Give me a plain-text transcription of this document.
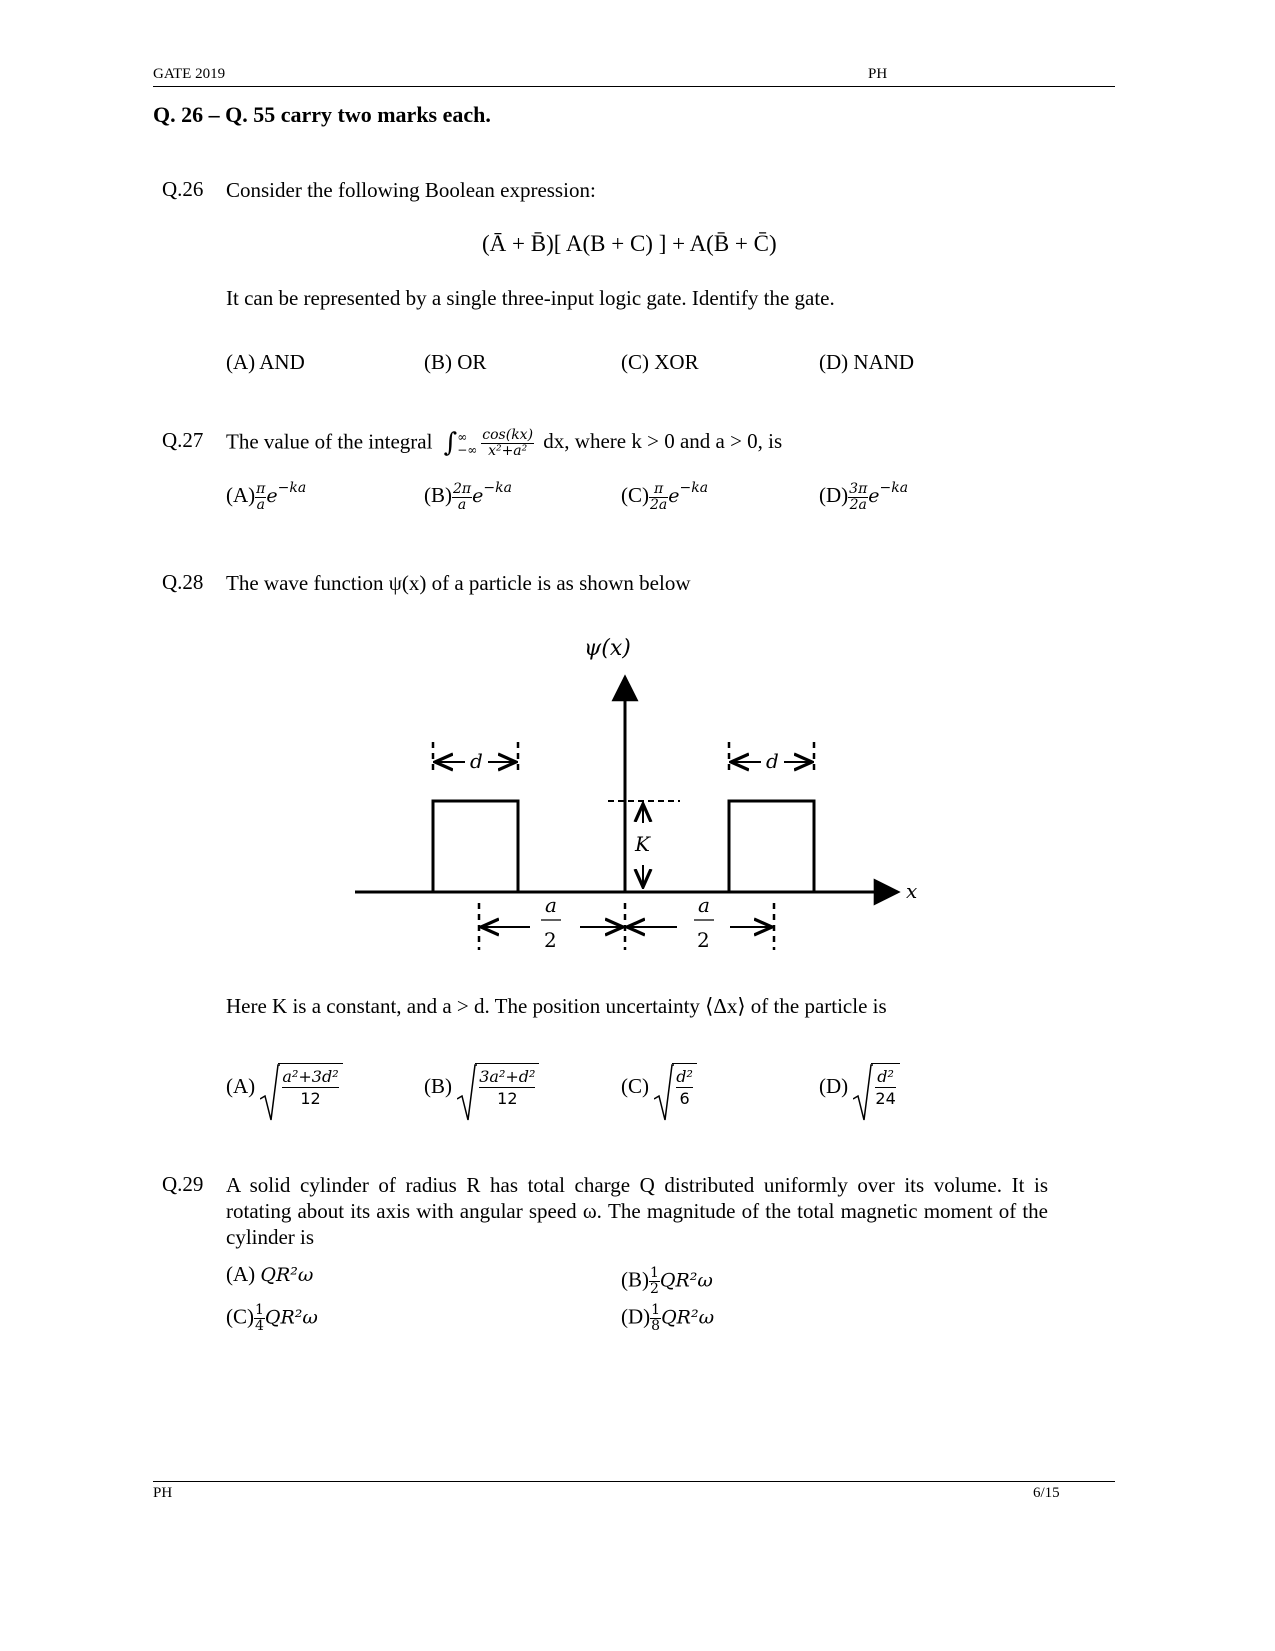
GATE 2019	PH
Q. 26 – Q. 55 carry two marks each.
Q.26 Consider the following Boolean expression:
(Ā + B̄)[ A(B + C) ] + A(B̄ + C̄)
It can be represented by a single three-input logic gate. Identify the gate.
(A) AND	(B) OR	(C) XOR	(D) NAND
Q.27 The value of the integral ∫ ∞
−∞ $\frac{\cos(kx)}{\text{x²+a²}}$ dx, where k > 0 and a > 0, is
$(A) \frac{\pi}{a} e^{-ka}$	$(B) \frac{2\pi}{a} e^{-ka}$	$(C) \frac{\pi}{2a} e^{-ka}$	$(D) \frac{3\pi}{2a} e^{-ka}$
Q.28 The wave function ψ(x) of a particle is as shown below
ψ(x)
x
d	d
K
a
2
a
2
Here K is a constant, and a > d. The position uncertainty ⟨Δx⟩ of the particle is
$(A) \frac{\text{a²+3d²}}{12}$	$(B) \frac{\text{3a²+d²}}{12}$	$(C) \frac{\text{d²}}{6}$	$(D) \frac{\text{d²}}{24}$
Q.29 A solid cylinder of radius R has total charge Q distributed uniformly over its volume. It is rotating about its axis with angular speed ω. The magnitude of the total magnetic moment of the cylinder is
(A) QR²ω	$(B) \frac{1}{2} QR^2\omega$
$(C) \frac{1}{4} QR^2\omega$	$(D) \frac{1}{8} QR^2\omega$
PH	6/15
